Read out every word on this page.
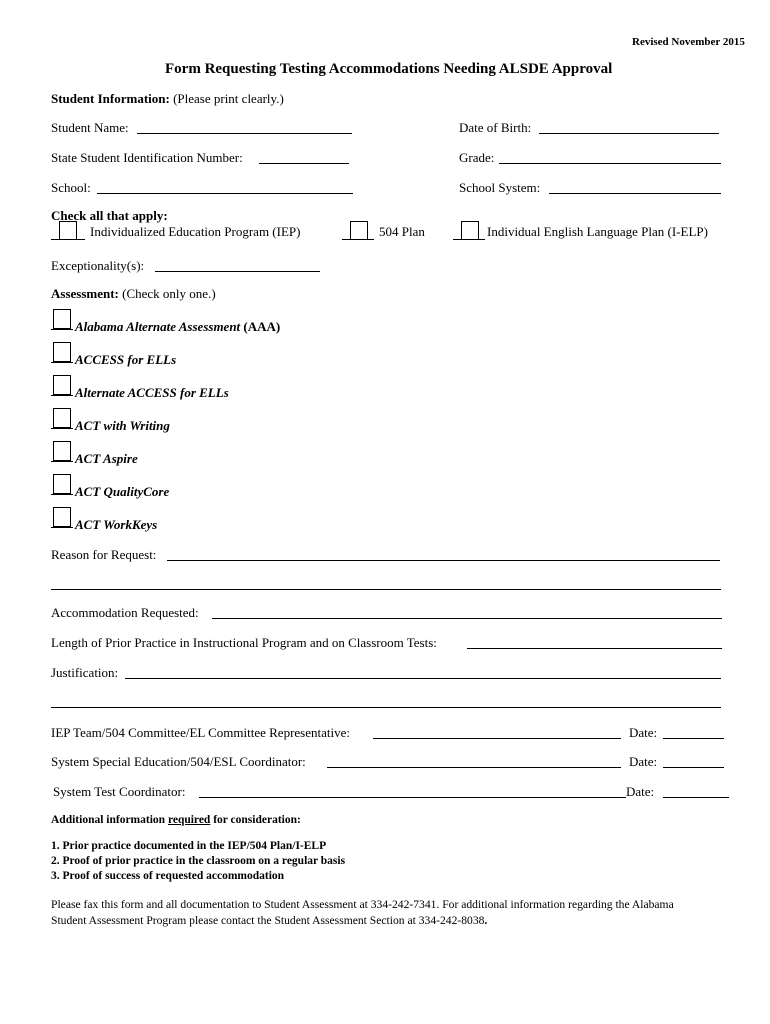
Revised November 2015
Form Requesting Testing Accommodations Needing ALSDE Approval
Student Information: (Please print clearly.)
Student Name:	Date of Birth:
State Student Identification Number:	Grade:
School:	School System:
Check all that apply:
Individualized Education Program (IEP)	504 Plan	Individual English Language Plan (I-ELP)
Exceptionality(s):
Assessment: (Check only one.)
Alabama Alternate Assessment (AAA)
ACCESS for ELLs
Alternate ACCESS for ELLs
ACT with Writing
ACT Aspire
ACT QualityCore
ACT WorkKeys
Reason for Request:
Accommodation Requested:
Length of Prior Practice in Instructional Program and on Classroom Tests:
Justification:
IEP Team/504 Committee/EL Committee Representative:	Date:
System Special Education/504/ESL Coordinator:	Date:
System Test Coordinator:	Date:
Additional information required for consideration:
1. Prior practice documented in the IEP/504 Plan/I-ELP
2. Proof of prior practice in the classroom on a regular basis
3. Proof of success of requested accommodation
Please fax this form and all documentation to Student Assessment at 334-242-7341. For additional information regarding the Alabama
Student Assessment Program please contact the Student Assessment Section at 334-242-8038.
